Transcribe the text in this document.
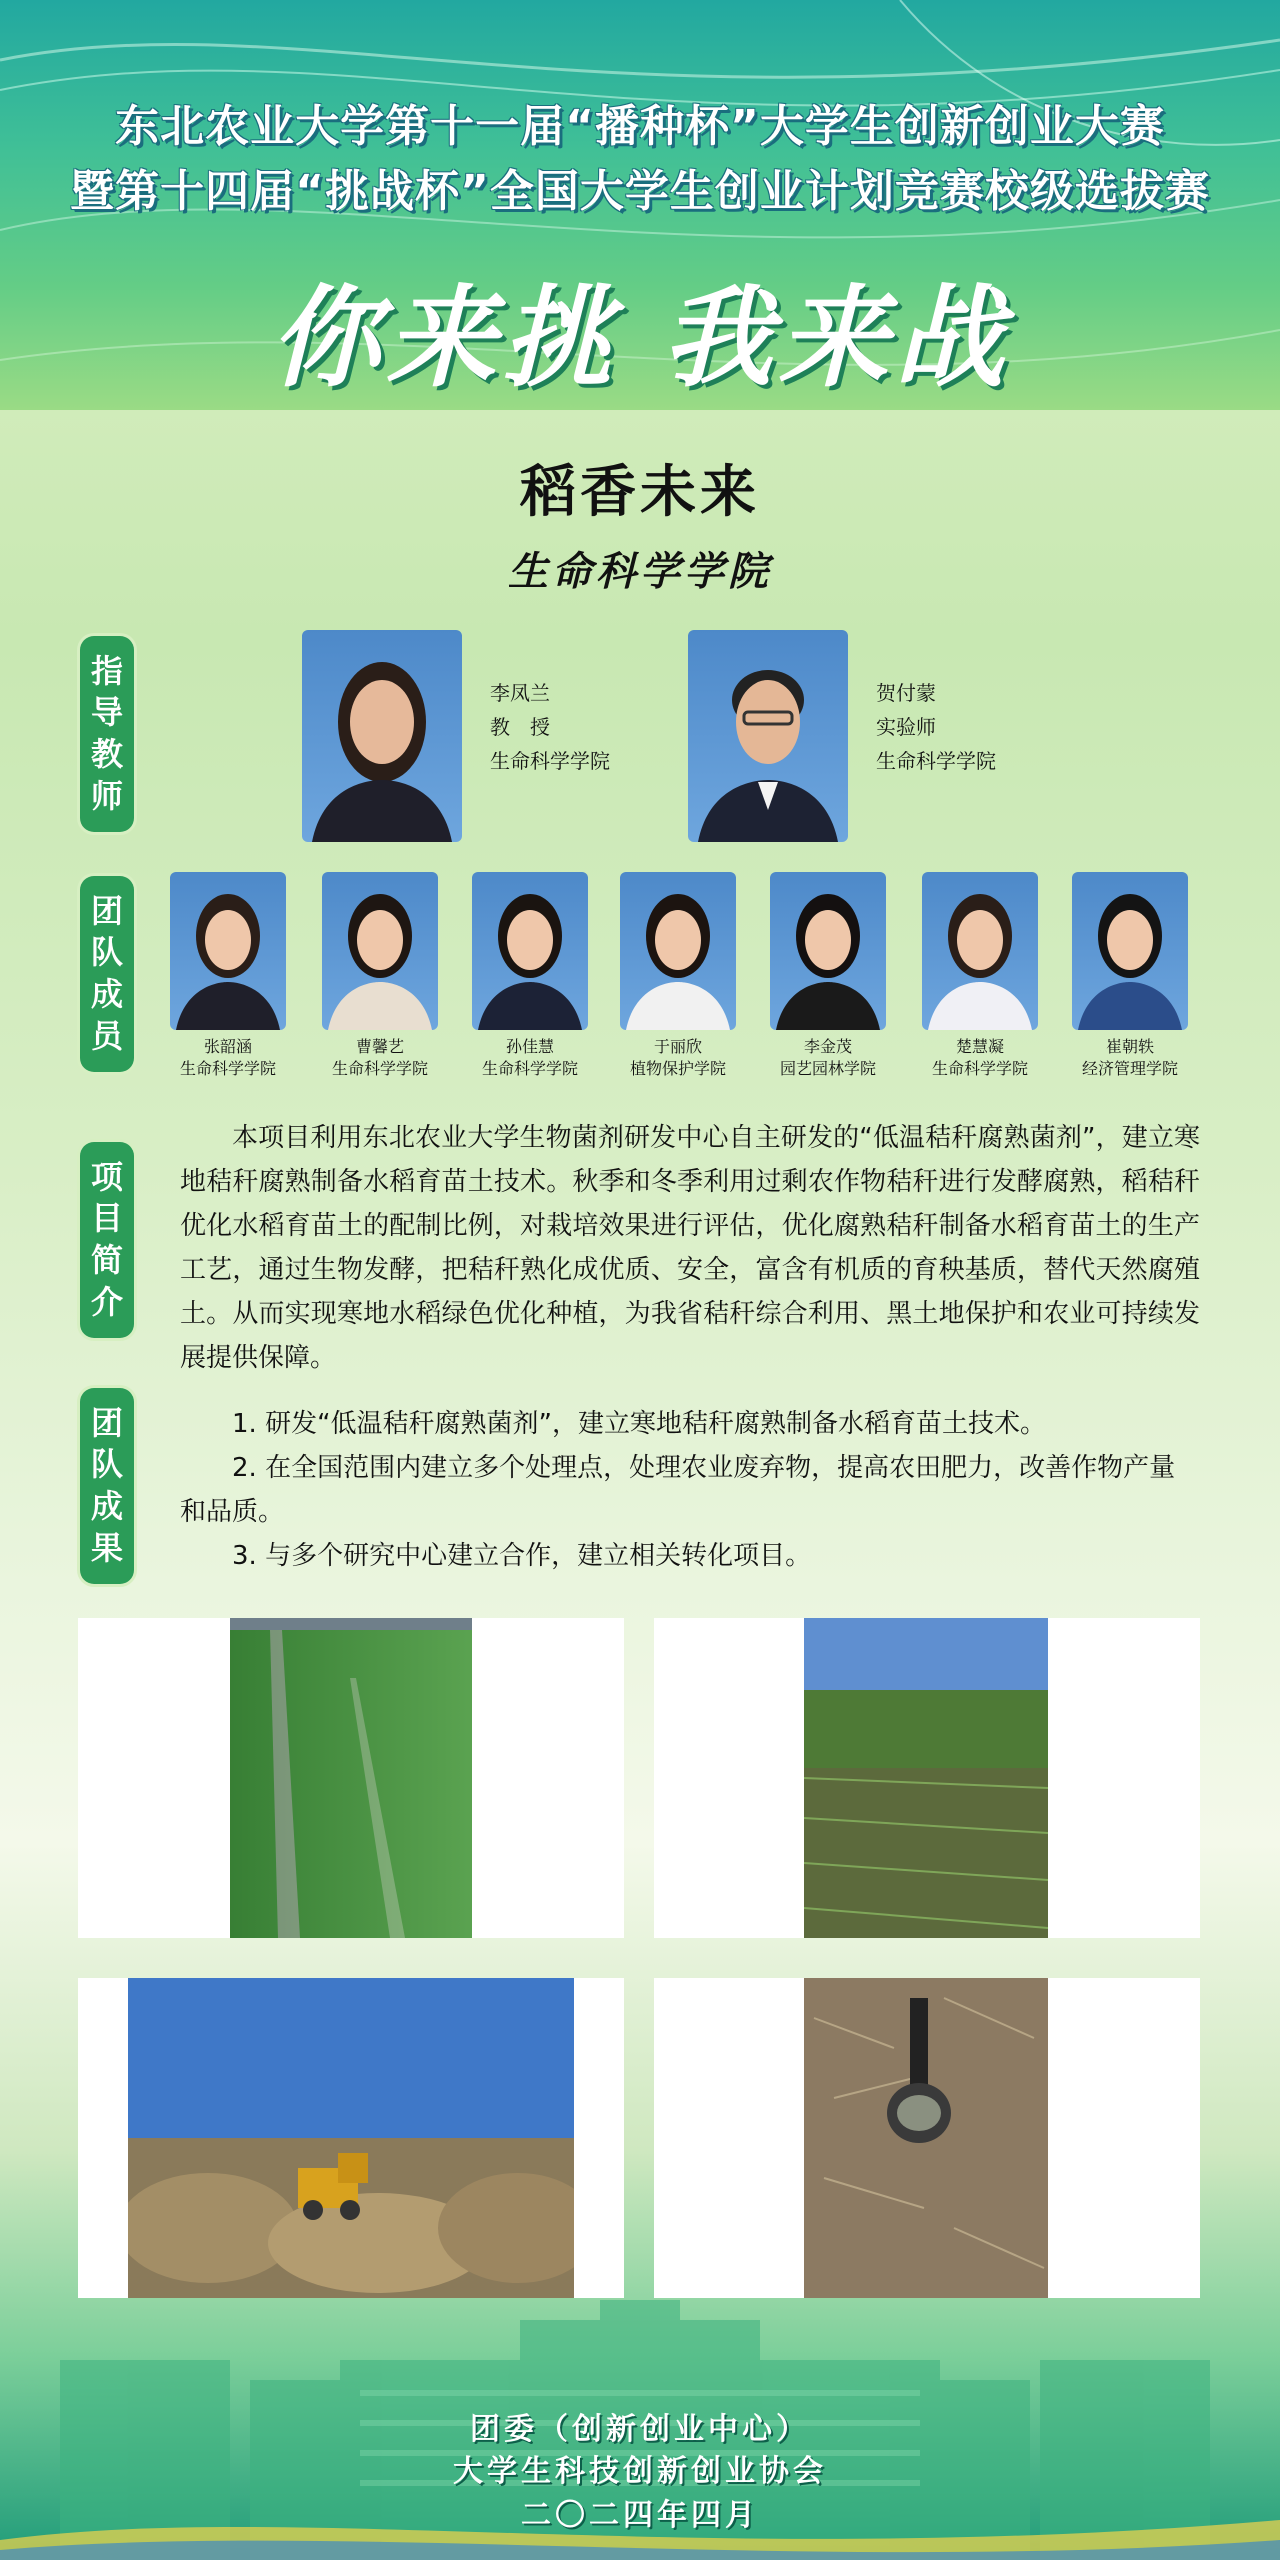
东北农业大学第十一届“播种杯”大学生创新创业大赛
暨第十四届“挑战杯”全国大学生创业计划竞赛校级选拔赛
你来挑 我来战
稻香未来
生命科学学院
指
导
教
师
李凤兰
教　授
生命科学学院
贺付蒙
实验师
生命科学学院
团
队
成
员	张韶涵
生命科学学院
曹馨艺
生命科学学院
孙佳慧
生命科学学院
于丽欣
植物保护学院
李金茂
园艺园林学院
楚慧凝
生命科学学院
崔朝轶
经济管理学院
项
目
简
介
本项目利用东北农业大学生物菌剂研发中心自主研发的“低温秸秆腐熟菌剂”，建立寒地秸秆腐熟制备水稻育苗土技术。秋季和冬季利用过剩农作物秸秆进行发酵腐熟，稻秸秆优化水稻育苗土的配制比例，对栽培效果进行评估，优化腐熟秸秆制备水稻育苗土的生产工艺，通过生物发酵，把秸秆熟化成优质、安全，富含有机质的育秧基质，替代天然腐殖土。从而实现寒地水稻绿色优化种植，为我省秸秆综合利用、黑土地保护和农业可持续发展提供保障。
团
队
成
果

1. 研发“低温秸秆腐熟菌剂”，建立寒地秸秆腐熟制备水稻育苗土技术。

2. 在全国范围内建立多个处理点，处理农业废弃物，提高农田肥力，改善作物产量和品质。

3. 与多个研究中心建立合作，建立相关转化项目。

团委（创新创业中心）
大学生科技创新创业协会
二〇二四年四月
